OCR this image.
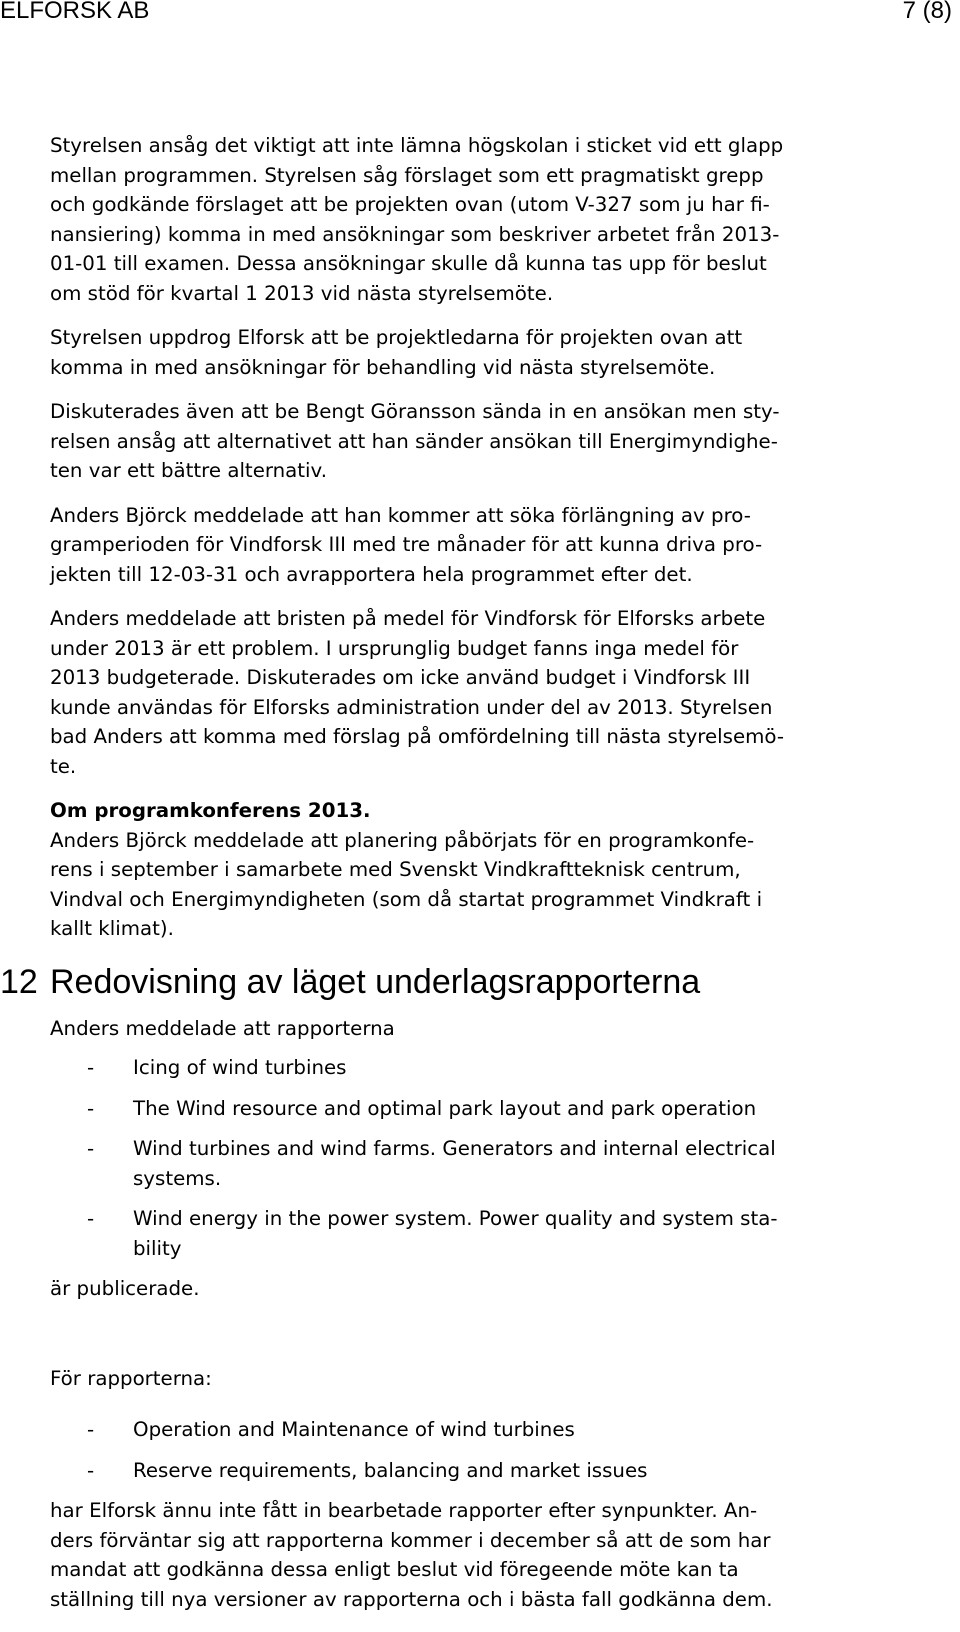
ELFORSK AB	7 (8)

Styrelsen ansåg det viktigt att inte lämna högskolan i sticket vid ett glapp
mellan programmen. Styrelsen såg förslaget som ett pragmatiskt grepp
och godkände förslaget att be projekten ovan (utom V-327 som ju har fi-
nansiering) komma in med ansökningar som beskriver arbetet från 2013-
01-01 till examen. Dessa ansökningar skulle då kunna tas upp för beslut
om stöd för kvartal 1 2013 vid nästa styrelsemöte.

Styrelsen uppdrog Elforsk att be projektledarna för projekten ovan att
komma in med ansökningar för behandling vid nästa styrelsemöte.

Diskuterades även att be Bengt Göransson sända in en ansökan men sty-
relsen ansåg att alternativet att han sänder ansökan till Energimyndighe-
ten var ett bättre alternativ.

Anders Björck meddelade att han kommer att söka förlängning av pro-
gramperioden för Vindforsk III med tre månader för att kunna driva pro-
jekten till 12-03-31 och avrapportera hela programmet efter det.

Anders meddelade att bristen på medel för Vindforsk för Elforsks arbete
under 2013 är ett problem. I ursprunglig budget fanns inga medel för
2013 budgeterade. Diskuterades om icke använd budget i Vindforsk III
kunde användas för Elforsks administration under del av 2013. Styrelsen
bad Anders att komma med förslag på omfördelning till nästa styrelsemö-
te.

Om programkonferens 2013.

Anders Björck meddelade att planering påbörjats för en programkonfe-
rens i september i samarbete med Svenskt Vindkraftteknisk centrum,
Vindval och Energimyndigheten (som då startat programmet Vindkraft i
kallt klimat).

12 Redovisning av läget underlagsrapporterna

Anders meddelade att rapporterna

- Icing of wind turbines
- The Wind resource and optimal park layout and park operation
- Wind turbines and wind farms. Generators and internal electrical
systems.
- Wind energy in the power system. Power quality and system sta-
bility

är publicerade.

För rapporterna:

- Operation and Maintenance of wind turbines
- Reserve requirements, balancing and market issues

har Elforsk ännu inte fått in bearbetade rapporter efter synpunkter. An-
ders förväntar sig att rapporterna kommer i december så att de som har
mandat att godkänna dessa enligt beslut vid föregeende möte kan ta
ställning till nya versioner av rapporterna och i bästa fall godkänna dem.
